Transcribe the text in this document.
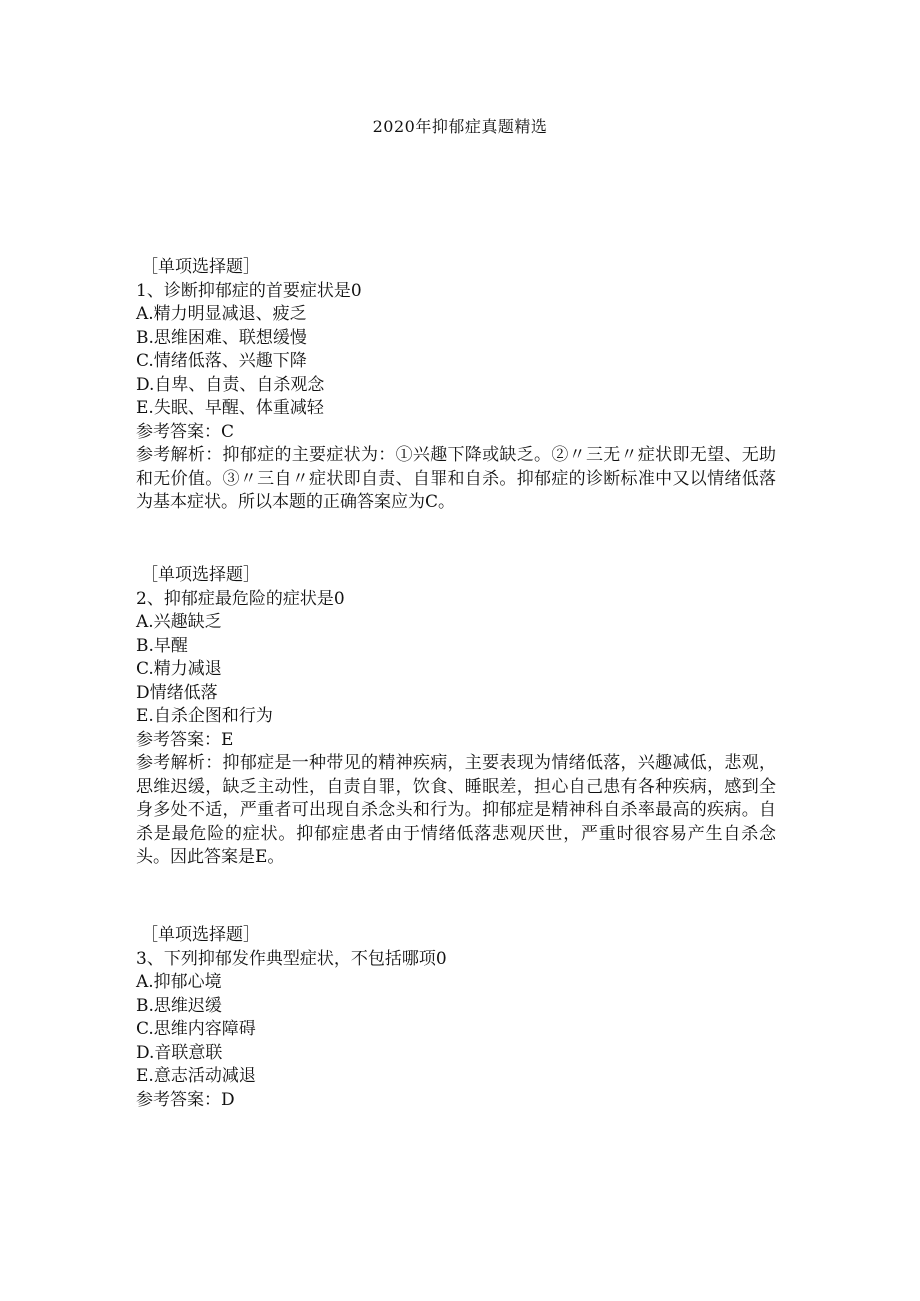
2020年抑郁症真题精选
［单项选择题］
1、诊断抑郁症的首要症状是0
A.精力明显减退、疲乏
B.思维困难、联想缓慢
C.情绪低落、兴趣下降
D.自卑、自责、自杀观念
E.失眠、早醒、体重减轻
参考答案：C
参考解析：抑郁症的主要症状为：①兴趣下降或缺乏。②〃三无〃症状即无望、无助和无价值。③〃三自〃症状即自责、自罪和自杀。抑郁症的诊断标准中又以情绪低落为基本症状。所以本题的正确答案应为C。
［单项选择题］
2、抑郁症最危险的症状是0
A.兴趣缺乏
B.早醒
C.精力减退
D情绪低落
E.自杀企图和行为
参考答案：E
参考解析：抑郁症是一种带见的精神疾病，主要表现为情绪低落，兴趣减低，悲观，思维迟缓，缺乏主动性，自责自罪，饮食、睡眠差，担心自己患有各种疾病，感到全身多处不适，严重者可出现自杀念头和行为。抑郁症是精神科自杀率最高的疾病。自杀是最危险的症状。抑郁症患者由于情绪低落悲观厌世，严重时很容易产生自杀念头。因此答案是E。
［单项选择题］
3、下列抑郁发作典型症状，不包括哪项0
A.抑郁心境
B.思维迟缓
C.思维内容障碍
D.音联意联
E.意志活动减退
参考答案：D
